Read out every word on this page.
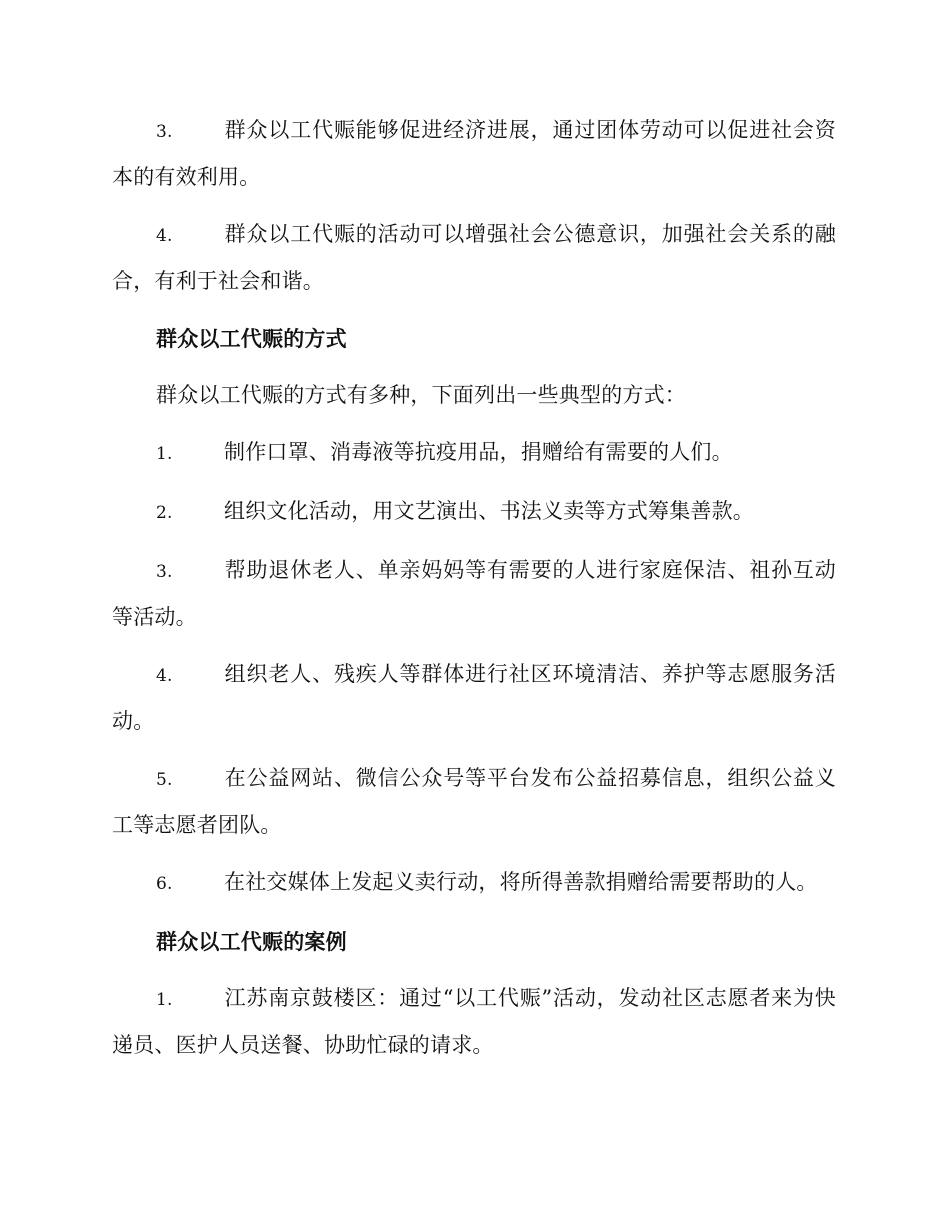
3. 群众以工代赈能够促进经济进展，通过团体劳动可以促进社会资本的有效利用。

4. 群众以工代赈的活动可以增强社会公德意识，加强社会关系的融合，有利于社会和谐。

群众以工代赈的方式

群众以工代赈的方式有多种，下面列出一些典型的方式：

1. 制作口罩、消毒液等抗疫用品，捐赠给有需要的人们。

2. 组织文化活动，用文艺演出、书法义卖等方式筹集善款。

3. 帮助退休老人、单亲妈妈等有需要的人进行家庭保洁、祖孙互动等活动。

4. 组织老人、残疾人等群体进行社区环境清洁、养护等志愿服务活动。

5. 在公益网站、微信公众号等平台发布公益招募信息，组织公益义工等志愿者团队。

6. 在社交媒体上发起义卖行动，将所得善款捐赠给需要帮助的人。

群众以工代赈的案例

1. 江苏南京鼓楼区：通过“以工代赈”活动，发动社区志愿者来为快递员、医护人员送餐、协助忙碌的请求。
